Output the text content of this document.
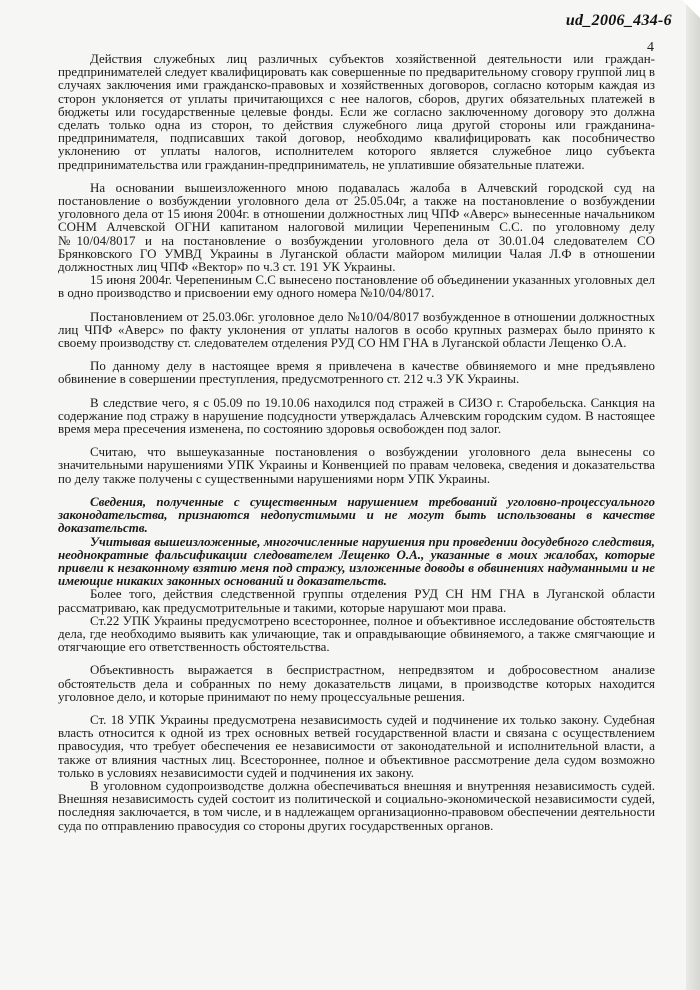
ud_2006_434-6
4

Действия служебных лиц различных субъектов хозяйственной деятельности или граждан-предпринимателей следует квалифицировать как совершенные по предварительному сговору группой лиц в случаях заключения ими гражданско-правовых и хозяйственных договоров, согласно которым каждая из сторон уклоняется от уплаты причитающихся с нее налогов, сборов, других обязательных платежей в бюджеты или государственные целевые фонды. Если же согласно заключенному договору это должна сделать только одна из сторон, то действия служебного лица другой стороны или гражданина-предпринимателя, подписавших такой договор, необходимо квалифицировать как пособничество уклонению от уплаты налогов, исполнителем которого является служебное лицо субъекта предпринимательства или гражданин-предприниматель, не уплатившие обязательные платежи.

На основании вышеизложенного мною подавалась жалоба в Алчевский городской суд на постановление о возбуждении уголовного дела от 25.05.04г, а также на постановление о возбуждении уголовного дела от 15 июня 2004г. в отношении должностных лиц ЧПФ «Аверс» вынесенные начальником СОНМ Алчевской ОГНИ капитаном налоговой милиции Черепениным С.С. по уголовному делу №10/04/8017 и на постановление о возбуждении уголовного дела от 30.01.04 следователем СО Брянковского ГО УМВД Украины в Луганской области майором милиции Чалая Л.Ф в отношении должностных лиц ЧПФ «Вектор» по ч.3 ст. 191 УК Украины.

15 июня 2004г. Черепениным С.С вынесено постановление об объединении указанных уголовных дел в одно производство и присвоении ему одного номера №10/04/8017.

Постановлением от 25.03.06г. уголовное дело №10/04/8017 возбужденное в отношении должностных лиц ЧПФ «Аверс» по факту уклонения от уплаты налогов в особо крупных размерах было принято к своему производству ст. следователем отделения РУД СО НМ ГНА в Луганской области Лещенко О.А.

По данному делу в настоящее время я привлечена в качестве обвиняемого и мне предъявлено обвинение в совершении преступления, предусмотренного ст. 212 ч.3 УК Украины.

В следствие чего, я с 05.09 по 19.10.06 находился под стражей в СИЗО г. Старобельска. Санкция на содержание под стражу в нарушение подсудности утверждалась Алчевским городским судом. В настоящее время мера пресечения изменена, по состоянию здоровья освобожден под залог.

Считаю, что вышеуказанные постановления о возбуждении уголовного дела вынесены со значительными нарушениями УПК Украины и Конвенцией по правам человека, сведения и доказательства по делу также получены с существенными нарушениями норм УПК Украины.

Сведения, полученные с существенным нарушением требований уголовно-процессуального законодательства, признаются недопустимыми и не могут быть использованы в качестве доказательств.

Учитывая вышеизложенные, многочисленные нарушения при проведении досудебного следствия, неоднократные фальсификации следователем Лещенко О.А., указанные в моих жалобах, которые привели к незаконному взятию меня под стражу, изложенные доводы в обвинениях надуманными и не имеющие никаких законных оснований и доказательств.

Более того, действия следственной группы отделения РУД СН НМ ГНА в Луганской области рассматриваю, как предусмотрительные и такими, которые нарушают мои права.

Ст.22 УПК Украины предусмотрено всестороннее, полное и объективное исследование обстоятельств дела, где необходимо выявить как уличающие, так и оправдывающие обвиняемого, а также смягчающие и отягчающие его ответственность обстоятельства.

Объективность выражается в беспристрастном, непредвзятом и добросовестном анализе обстоятельств дела и собранных по нему доказательств лицами, в производстве которых находится уголовное дело, и которые принимают по нему процессуальные решения.

Ст. 18 УПК Украины предусмотрена независимость судей и подчинение их только закону. Судебная власть относится к одной из трех основных ветвей государственной власти и связана с осуществлением правосудия, что требует обеспечения ее независимости от законодательной и исполнительной власти, а также от влияния частных лиц. Всестороннее, полное и объективное рассмотрение дела судом возможно только в условиях независимости судей и подчинения их закону.

В уголовном судопроизводстве должна обеспечиваться внешняя и внутренняя независимость судей. Внешняя независимость судей состоит из политической и социально-экономической независимости судей, последняя заключается, в том числе, и в надлежащем организационно-правовом обеспечении деятельности суда по отправлению правосудия со стороны других государственных органов.
